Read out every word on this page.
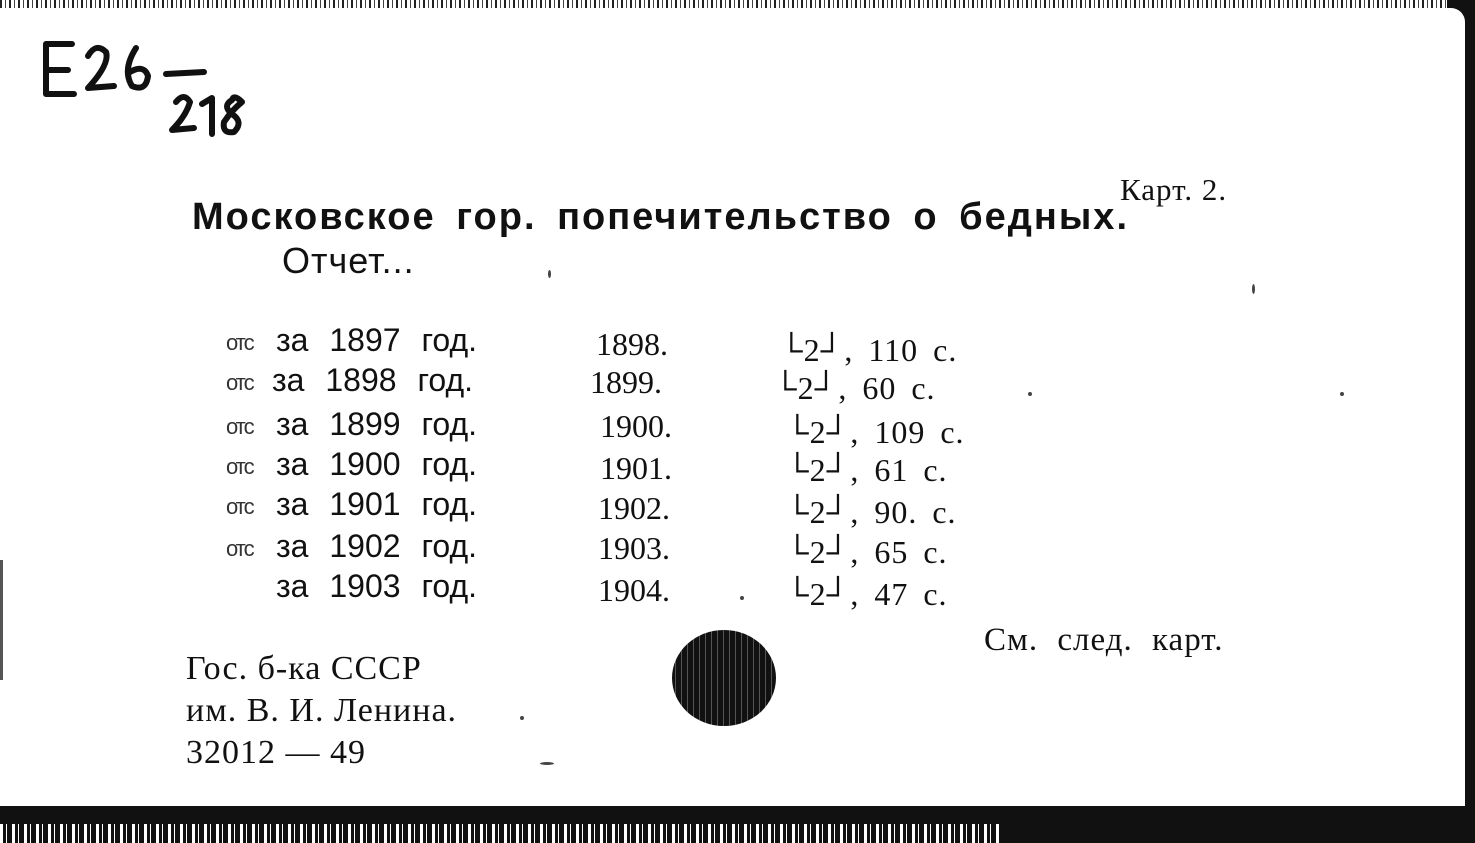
Карт. 2.
Московское гор. попечительство о бедных.
Отчет...
отс за 1897 год.	1898.	└2┘, 110 с.
отс за 1898 год.	1899.	└2┘, 60 с.
отс за 1899 год.	1900.	└2┘, 109 с.
отс за 1900 год.	1901.	└2┘, 61 с.
отс за 1901 год.	1902.	└2┘, 90. с.
отс за 1902 год.	1903.	└2┘, 65 с.
за 1903 год.	1904.	└2┘, 47 с.
См. след. карт.
Гос. б-ка СССР
им. В. И. Ленина.
32012 — 49
